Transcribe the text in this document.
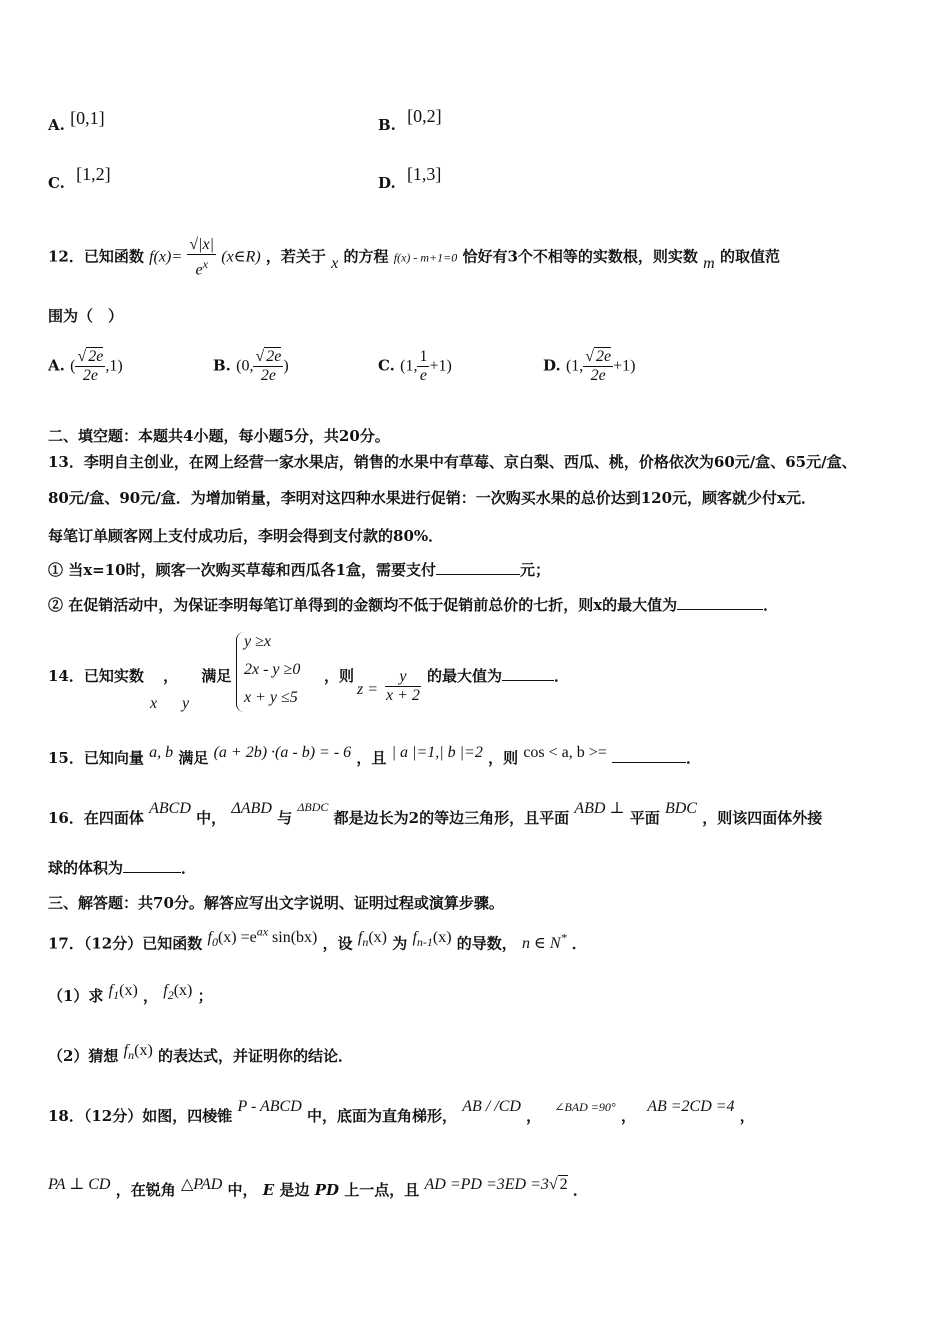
A. [0,1]	B. [0,2]
C. [1,2]	D. [1,3]
12．已知函数 $f(x)= \frac{√|x|}{e^x}$ (x∈R) ，若关于 x 的方程 f(x) - m+1=0 恰好有3个不相等的实数根，则实数 m 的取值范
围为（　）
A. ( $\frac{√ 2e}{2e} ,1$)	B. (0, $\frac{√ 2e}{2e}$ )	C. (1, $\frac{1}{e} +1$)	D. (1, $\frac{√ 2e}{2e} +1$)
二、填空题：本题共4小题，每小题5分，共20分。
13．李明自主创业，在网上经营一家水果店，销售的水果中有草莓、京白梨、西瓜、桃，价格依次为60元/盒、65元/盒、
80元/盒、90元/盒．为增加销量，李明对这四种水果进行促销：一次购买水果的总价达到120元，顾客就少付x元．
每笔订单顾客网上支付成功后，李明会得到支付款的80%．
① 当x=10时，顾客一次购买草莓和西瓜各1盒，需要支付	元；
② 在促销活动中，为保证李明每笔订单得到的金额均不低于促销前总价的七折，则x的最大值为	．
14．已知实数 ， 满足
x y
y ≥x
2x - y ≥0
x + y ≤5
，则
$z = \frac{y}{x + 2}$ 的最大值为	．
15．已知向量 a, b 满足 (a + 2b) ·(a - b) = - 6 ，且 | a |=1,| b |=2 ，则 cos < a, b >=	．
16．在四面体 ABCD 中， ΔABD 与 $^{\Delta BDC}$ 都是边长为2的等边三角形，且平面 ABD ⊥ 平面 BDC ，则该四面体外接
球的体积为	．
三、解答题：共70分。解答应写出文字说明、证明过程或演算步骤。
17．（12分）已知函数 $f_0(x) =e^{ax}$ sin(bx) ，设 $f_n(x)$ 为 $f_{n-1}(x)$ 的导数， n ∈ N* ．
（1）求 $f_1(x)$ ， $f_2(x)$ ；
（2）猜想 $f_n(x)$ 的表达式，并证明你的结论．
18．（12分）如图，四棱锥 P - ABCD 中，底面为直角梯形， AB / /CD ， $^{\angle BAD =90^\circ}$ ， AB =2CD =4 ，
PA ⊥ CD ，在锐角 △PAD 中， E 是边 PD 上一点，且 AD =PD =3ED =3√ 2 ．
